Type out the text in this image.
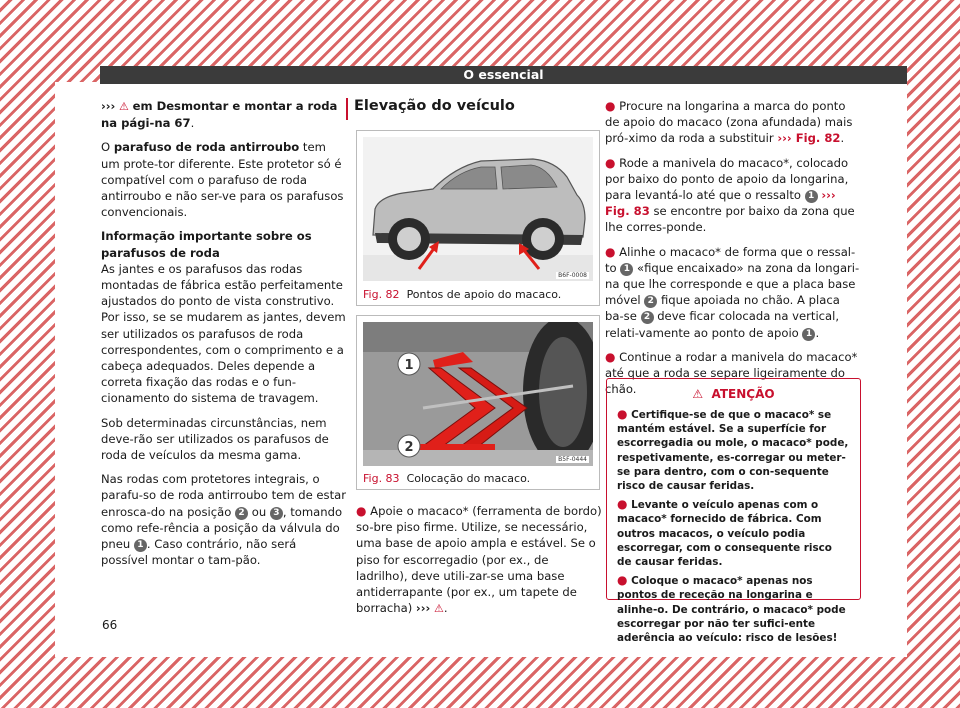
O essencial

››› ⚠ em Desmontar e montar a roda na pági-na 67.

O parafuso de roda antirroubo tem um prote-tor diferente. Este protetor só é compatível com o parafuso de roda antirroubo e não ser-ve para os parafusos convencionais.

Informação importante sobre os parafusos de roda

As jantes e os parafusos das rodas montadas de fábrica estão perfeitamente ajustados do ponto de vista construtivo. Por isso, se se mudarem as jantes, devem ser utilizados os parafusos de roda correspondentes, com o comprimento e a cabeça adequados. Deles depende a correta fixação das rodas e o fun-cionamento do sistema de travagem.

Sob determinadas circunstâncias, nem deve-rão ser utilizados os parafusos de roda de veículos da mesma gama.

Nas rodas com protetores integrais, o parafu-so de roda antirroubo tem de estar enrosca-do na posição 2 ou 3 , tomando como refe-rência a posição da válvula do pneu 1 . Caso contrário, não será possível montar o tam-pão.

Elevação do veículo
B6F-0008
Fig. 82 Pontos de apoio do macaco.
1
2
B5F-0444
Fig. 83 Colocação do macaco.
● Apoie o macaco* (ferramenta de bordo) so-bre piso firme. Utilize, se necessário, uma base de apoio ampla e estável. Se o piso for escorregadio (por ex., de ladrilho), deve utili-zar-se uma base antiderrapante (por ex., um tapete de borracha) ››› ⚠.

● Procure na longarina a marca do ponto de apoio do macaco (zona afundada) mais pró-ximo da roda a substituir ››› Fig. 82.

● Rode a manivela do macaco*, colocado por baixo do ponto de apoio da longarina, para levantá-lo até que o ressalto 1 ››› Fig. 83 se encontre por baixo da zona que lhe corres-ponde.

● Alinhe o macaco* de forma que o ressal-to 1 «fique encaixado» na zona da longari-na que lhe corresponde e que a placa base móvel 2 fique apoiada no chão. A placa ba-se 2 deve ficar colocada na vertical, relati-vamente ao ponto de apoio 1 .

● Continue a rodar a manivela do macaco* até que a roda se separe ligeiramente do chão.	⚠ ATENÇÃO
● Certifique-se de que o macaco* se mantém estável. Se a superfície for escorregadia ou mole, o macaco* pode, respetivamente, es-corregar ou meter-se para dentro, com o con-sequente risco de causar feridas.
● Levante o veículo apenas com o macaco* fornecido de fábrica. Com outros macacos, o veículo podia escorregar, com o consequente risco de causar feridas.
● Coloque o macaco* apenas nos pontos de receção na longarina e alinhe-o. De contrário, o macaco* pode escorregar por não ter sufici-ente aderência ao veículo: risco de lesões!
66
